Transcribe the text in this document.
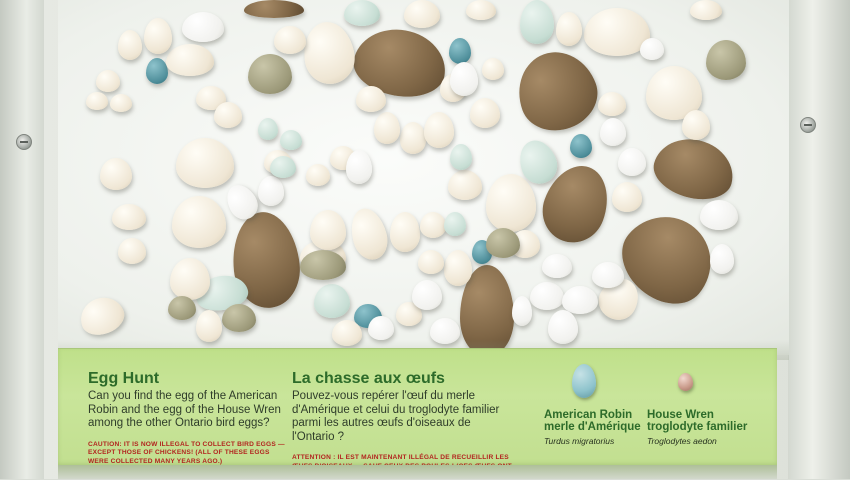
Egg Hunt
Can you find the egg of the American Robin and the egg of the House Wren among the other Ontario bird eggs?
CAUTION: IT IS NOW ILLEGAL TO COLLECT BIRD EGGS — EXCEPT THOSE OF CHICKENS! (ALL OF THESE EGGS WERE COLLECTED MANY YEARS AGO.)
La chasse aux œufs
Pouvez-vous repérer l'œuf du merle d'Amérique et celui du troglodyte familier parmi les autres œufs d'oiseaux de l'Ontario ?
ATTENTION : IL EST MAINTENANT ILLÉGAL DE RECUEILLIR LES
American Robin
merle d'Amérique
Turdus migratorius
House Wren
troglodyte familier
Troglodytes aedon
